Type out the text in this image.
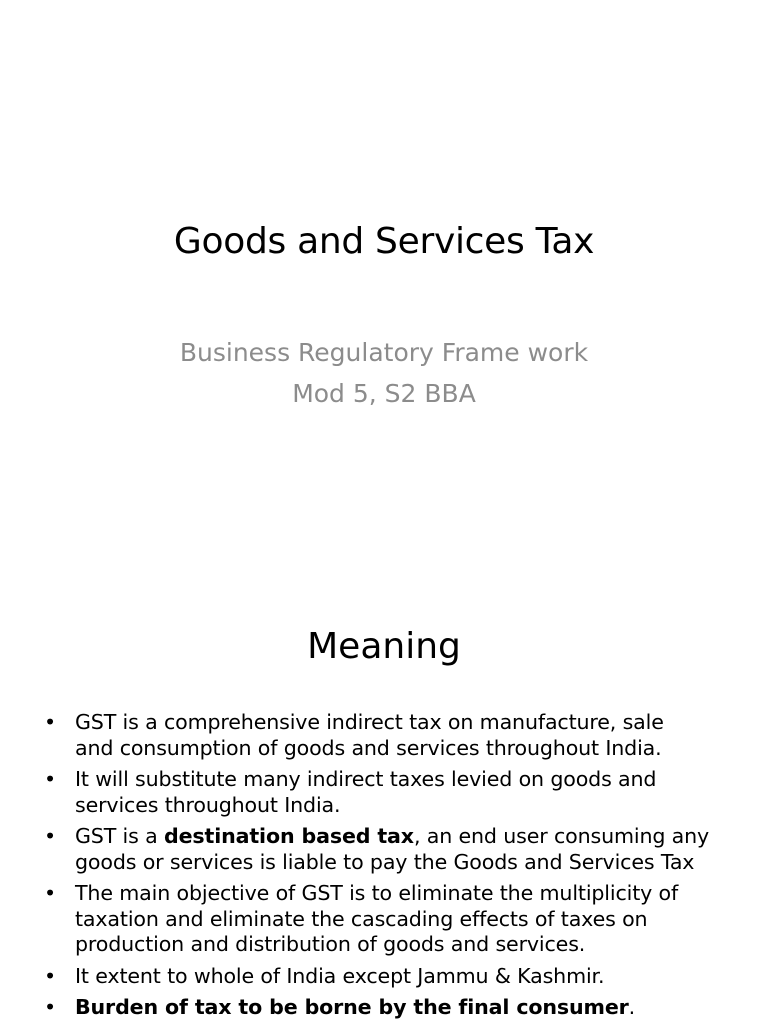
Goods and Services Tax
Business Regulatory Frame work
Mod 5, S2 BBA
Meaning
• GST is a comprehensive indirect tax on manufacture, sale
and consumption of goods and services throughout India.
• It will substitute many indirect taxes levied on goods and
services throughout India.
• GST is a destination based tax, an end user consuming any
goods or services is liable to pay the Goods and Services Tax
• The main objective of GST is to eliminate the multiplicity of
taxation and eliminate the cascading effects of taxes on
production and distribution of goods and services.
• It extent to whole of India except Jammu & Kashmir.
• Burden of tax to be borne by the final consumer.
